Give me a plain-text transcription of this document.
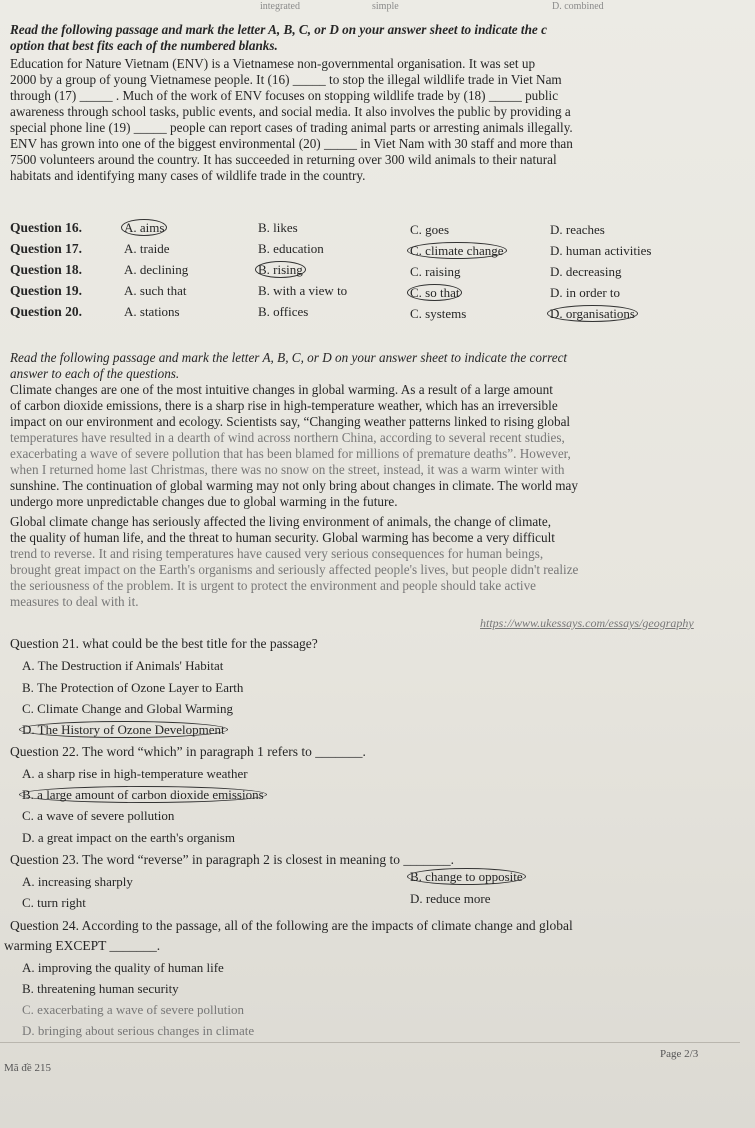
integrated	simple	D. combined
Read the following passage and mark the letter A, B, C, or D on your answer sheet to indicate the c
option that best fits each of the numbered blanks.
Education for Nature Vietnam (ENV) is a Vietnamese non-governmental organisation. It was set up
2000 by a group of young Vietnamese people. It (16) _____ to stop the illegal wildlife trade in Viet Nam
through (17) _____ . Much of the work of ENV focuses on stopping wildlife trade by (18) _____ public
awareness through school tasks, public events, and social media. It also involves the public by providing a
special phone line (19) _____ people can report cases of trading animal parts or arresting animals illegally.
ENV has grown into one of the biggest environmental (20) _____ in Viet Nam with 30 staff and more than
7500 volunteers around the country. It has succeeded in returning over 300 wild animals to their natural
habitats and identifying many cases of wildlife trade in the country.
Question 16.	A. aims	B. likes	C. goes	D. reaches
Question 17.	A. traide	B. education	C. climate change	D. human activities
Question 18.	A. declining	B. rising	C. raising	D. decreasing
Question 19.	A. such that	B. with a view to	C. so that	D. in order to
Question 20.	A. stations	B. offices	C. systems	D. organisations
Read the following passage and mark the letter A, B, C, or D on your answer sheet to indicate the correct
answer to each of the questions.
Climate changes are one of the most intuitive changes in global warming. As a result of a large amount
of carbon dioxide emissions, there is a sharp rise in high-temperature weather, which has an irreversible
impact on our environment and ecology. Scientists say, “Changing weather patterns linked to rising global
temperatures have resulted in a dearth of wind across northern China, according to several recent studies,
exacerbating a wave of severe pollution that has been blamed for millions of premature deaths”. However,
when I returned home last Christmas, there was no snow on the street, instead, it was a warm winter with
sunshine. The continuation of global warming may not only bring about changes in climate. The world may
undergo more unpredictable changes due to global warming in the future.
Global climate change has seriously affected the living environment of animals, the change of climate,
the quality of human life, and the threat to human security. Global warming has become a very difficult
trend to reverse. It and rising temperatures have caused very serious consequences for human beings,
brought great impact on the Earth's organisms and seriously affected people's lives, but people didn't realize
the seriousness of the problem. It is urgent to protect the environment and people should take active
measures to deal with it.
https://www.ukessays.com/essays/geography
Question 21. what could be the best title for the passage?
A. The Destruction if Animals' Habitat
B. The Protection of Ozone Layer to Earth
C. Climate Change and Global Warming
D. The History of Ozone Development
Question 22. The word “which” in paragraph 1 refers to _______.
A. a sharp rise in high-temperature weather
B. a large amount of carbon dioxide emissions
C. a wave of severe pollution
D. a great impact on the earth's organism
Question 23. The word “reverse” in paragraph 2 is closest in meaning to _______.
A. increasing sharply	B. change to opposite
C. turn right	D. reduce more
Question 24. According to the passage, all of the following are the impacts of climate change and global
warming EXCEPT _______.
A. improving the quality of human life
B. threatening human security
C. exacerbating a wave of severe pollution
D. bringing about serious changes in climate
Page 2/3
Mã đề 215
